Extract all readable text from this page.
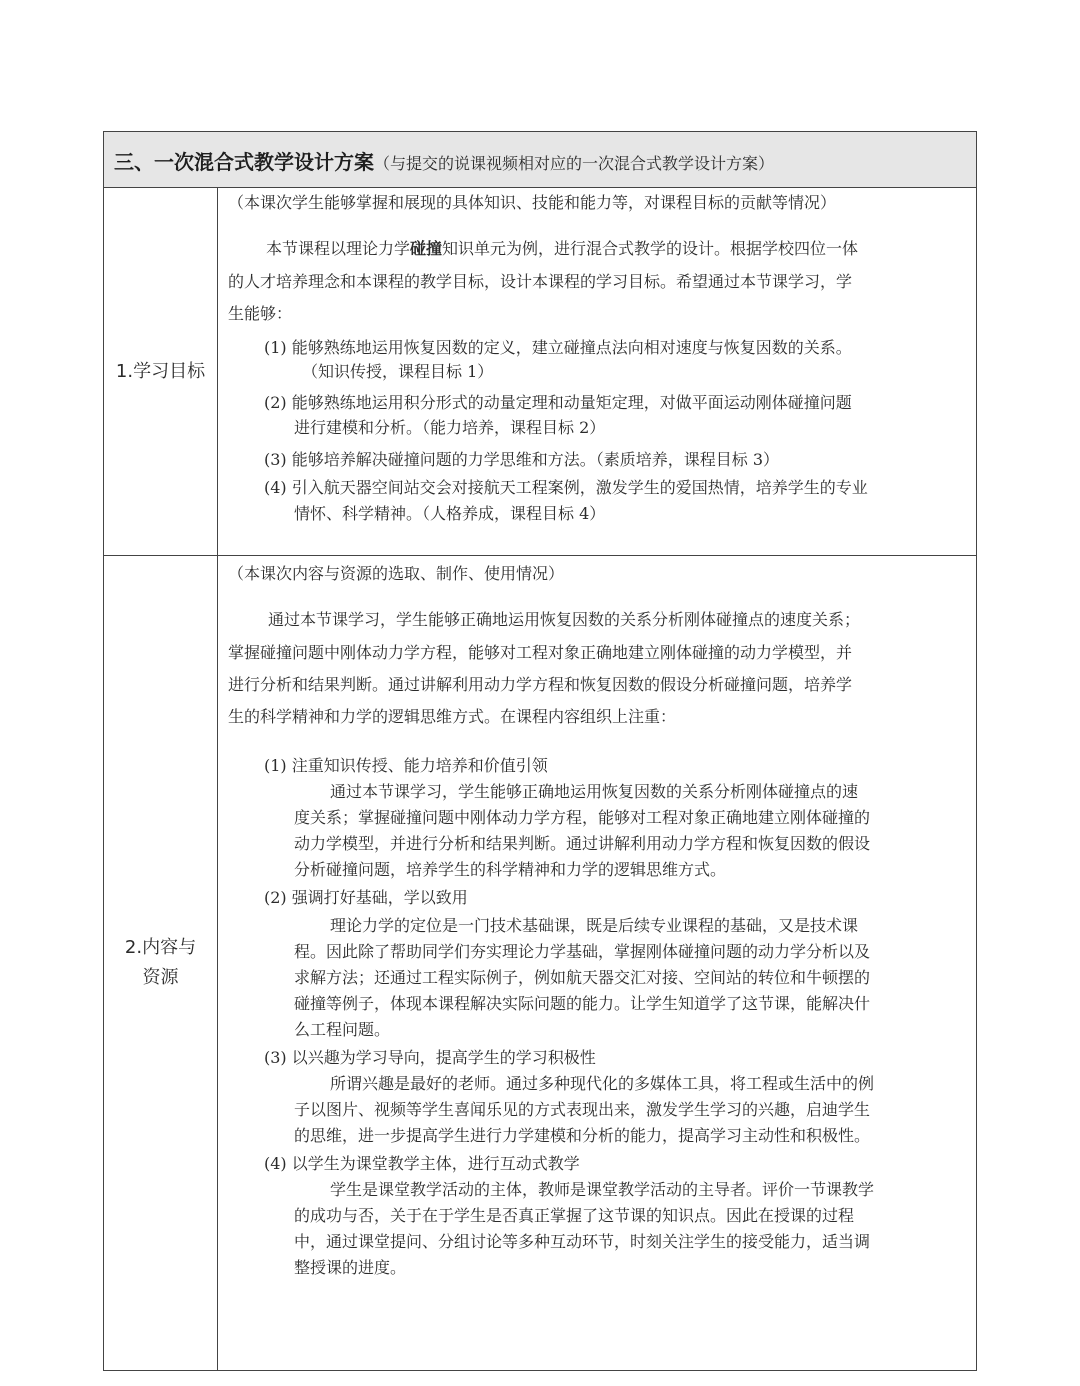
三、一次混合式教学设计方案（与提交的说课视频相对应的一次混合式教学设计方案）
1.学习目标
（本课次学生能够掌握和展现的具体知识、技能和能力等，对课程目标的贡献等情况）
本节课程以理论力学碰撞知识单元为例，进行混合式教学的设计。根据学校四位一体
的人才培养理念和本课程的教学目标，设计本课程的学习目标。希望通过本节课学习，学
生能够：
(1) 能够熟练地运用恢复因数的定义，建立碰撞点法向相对速度与恢复因数的关系。
（知识传授，课程目标 1）
(2) 能够熟练地运用积分形式的动量定理和动量矩定理，对做平面运动刚体碰撞问题
进行建模和分析。（能力培养，课程目标 2）
(3) 能够培养解决碰撞问题的力学思维和方法。（素质培养，课程目标 3）
(4) 引入航天器空间站交会对接航天工程案例，激发学生的爱国热情，培养学生的专业
情怀、科学精神。（人格养成，课程目标 4）
2.内容与
资源
（本课次内容与资源的选取、制作、使用情况）
通过本节课学习，学生能够正确地运用恢复因数的关系分析刚体碰撞点的速度关系；
掌握碰撞问题中刚体动力学方程，能够对工程对象正确地建立刚体碰撞的动力学模型，并
进行分析和结果判断。通过讲解利用动力学方程和恢复因数的假设分析碰撞问题，培养学
生的科学精神和力学的逻辑思维方式。在课程内容组织上注重：
(1) 注重知识传授、能力培养和价值引领
通过本节课学习，学生能够正确地运用恢复因数的关系分析刚体碰撞点的速
度关系；掌握碰撞问题中刚体动力学方程，能够对工程对象正确地建立刚体碰撞的
动力学模型，并进行分析和结果判断。通过讲解利用动力学方程和恢复因数的假设
分析碰撞问题，培养学生的科学精神和力学的逻辑思维方式。
(2) 强调打好基础，学以致用
理论力学的定位是一门技术基础课，既是后续专业课程的基础，又是技术课
程。因此除了帮助同学们夯实理论力学基础，掌握刚体碰撞问题的动力学分析以及
求解方法；还通过工程实际例子，例如航天器交汇对接、空间站的转位和牛顿摆的
碰撞等例子，体现本课程解决实际问题的能力。让学生知道学了这节课，能解决什
么工程问题。
(3) 以兴趣为学习导向，提高学生的学习积极性
所谓兴趣是最好的老师。通过多种现代化的多媒体工具，将工程或生活中的例
子以图片、视频等学生喜闻乐见的方式表现出来，激发学生学习的兴趣，启迪学生
的思维，进一步提高学生进行力学建模和分析的能力，提高学习主动性和积极性。
(4) 以学生为课堂教学主体，进行互动式教学
学生是课堂教学活动的主体，教师是课堂教学活动的主导者。评价一节课教学
的成功与否，关于在于学生是否真正掌握了这节课的知识点。因此在授课的过程
中，通过课堂提问、分组讨论等多种互动环节，时刻关注学生的接受能力，适当调
整授课的进度。
